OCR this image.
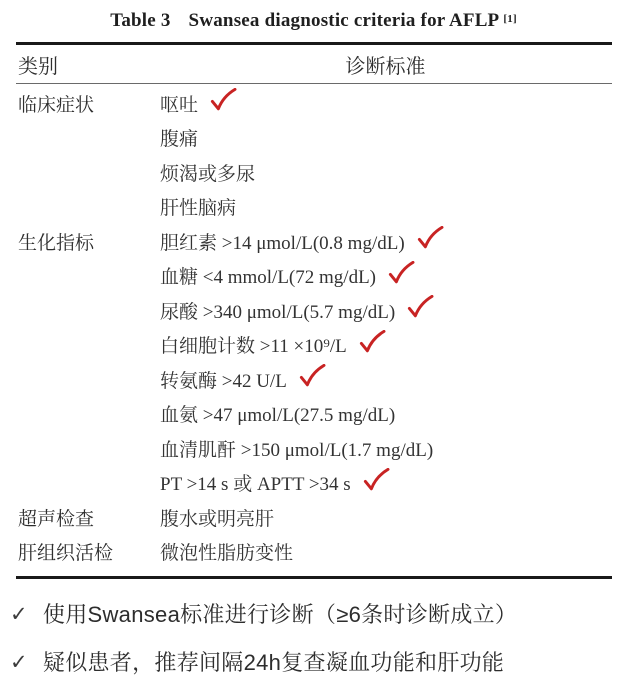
Table 3 Swansea diagnostic criteria for AFLP [1]
类别	诊断标准
临床症状	呕吐
腹痛
烦渴或多尿
肝性脑病
生化指标	胆红素 >14 μmol/L(0.8 mg/dL)
血糖 <4 mmol/L(72 mg/dL)
尿酸 >340 μmol/L(5.7 mg/dL)
白细胞计数 >11 ×10⁹/L
转氨酶 >42 U/L
血氨 >47 μmol/L(27.5 mg/dL)
血清肌酐 >150 μmol/L(1.7 mg/dL)
PT >14 s 或 APTT >34 s
超声检查	腹水或明亮肝
肝组织活检	微泡性脂肪变性
✓ 使用Swansea标准进行诊断（≥6条时诊断成立）
✓ 疑似患者，推荐间隔24h复查凝血功能和肝功能
